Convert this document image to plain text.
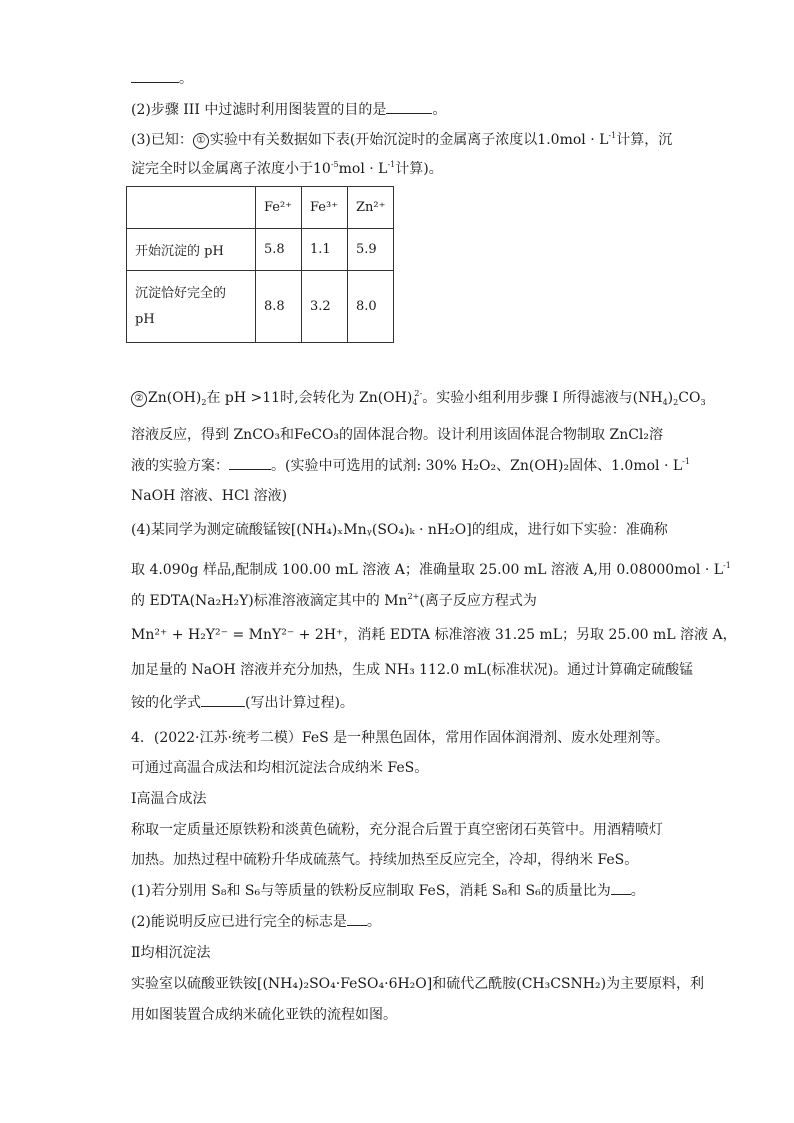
。
(2)步骤 III 中过滤时利用图装置的目的是	。
(3)已知： ① 实验中有关数据如下表(开始沉淀时的金属离子浓度以$1.0mol \cdot L^{-1}$计算，沉
淀完全时以金属离子浓度小于$10^{-5}mol \cdot L^{-1}$计算)。
	Fe²⁺	Fe³⁺	Zn²⁺
开始沉淀的 pH	5.8	1.1	5.9
沉淀恰好完全的
pH	8.8	3.2	8.0
② $Zn(OH)_2$在 pH >11时,会转化为 $Zn(OH)_4^{2-}$。实验小组利用步骤 I 所得滤液与$(NH_4)_2CO_3$
溶液反应，得到 ZnCO₃和FeCO₃的固体混合物。设计利用该固体混合物制取 ZnCl₂溶
液的实验方案：	。(实验中可选用的试剂: 30% H₂O₂、Zn(OH)₂固体、$1.0mol \cdot L^{-1}$
NaOH 溶液、HCl 溶液)
(4)某同学为测定硫酸锰铵[(NH₄)ₓMnᵧ(SO₄)ₖ · nH₂O]的组成，进行如下实验：准确称
取 4.090g 样品,配制成 100.00 mL 溶液 A；准确量取 25.00 mL 溶液 A,用 $0.08000mol \cdot L^{-1}$
的 EDTA(Na₂H₂Y)标准溶液滴定其中的 $Mn^{2+}$(离子反应方程式为
Mn²⁺ + H₂Y²⁻ = MnY²⁻ + 2H⁺，消耗 EDTA 标准溶液 31.25 mL；另取 25.00 mL 溶液 A，
加足量的 NaOH 溶液并充分加热，生成 NH₃ 112.0 mL(标准状况)。通过计算确定硫酸锰
铵的化学式	(写出计算过程)。
4．(2022·江苏·统考二模）FeS 是一种黑色固体，常用作固体润滑剂、废水处理剂等。
可通过高温合成法和均相沉淀法合成纳米 FeS。
Ⅰ高温合成法
称取一定质量还原铁粉和淡黄色硫粉，充分混合后置于真空密闭石英管中。用酒精喷灯
加热。加热过程中硫粉升华成硫蒸气。持续加热至反应完全，冷却，得纳米 FeS。
(1)若分别用 S₈和 S₆与等质量的铁粉反应制取 FeS，消耗 S₈和 S₆的质量比为 。
(2)能说明反应已进行完全的标志是 。
Ⅱ均相沉淀法
实验室以硫酸亚铁铵[(NH₄)₂SO₄·FeSO₄·6H₂O]和硫代乙酰胺(CH₃CSNH₂)为主要原料，利
用如图装置合成纳米硫化亚铁的流程如图。
